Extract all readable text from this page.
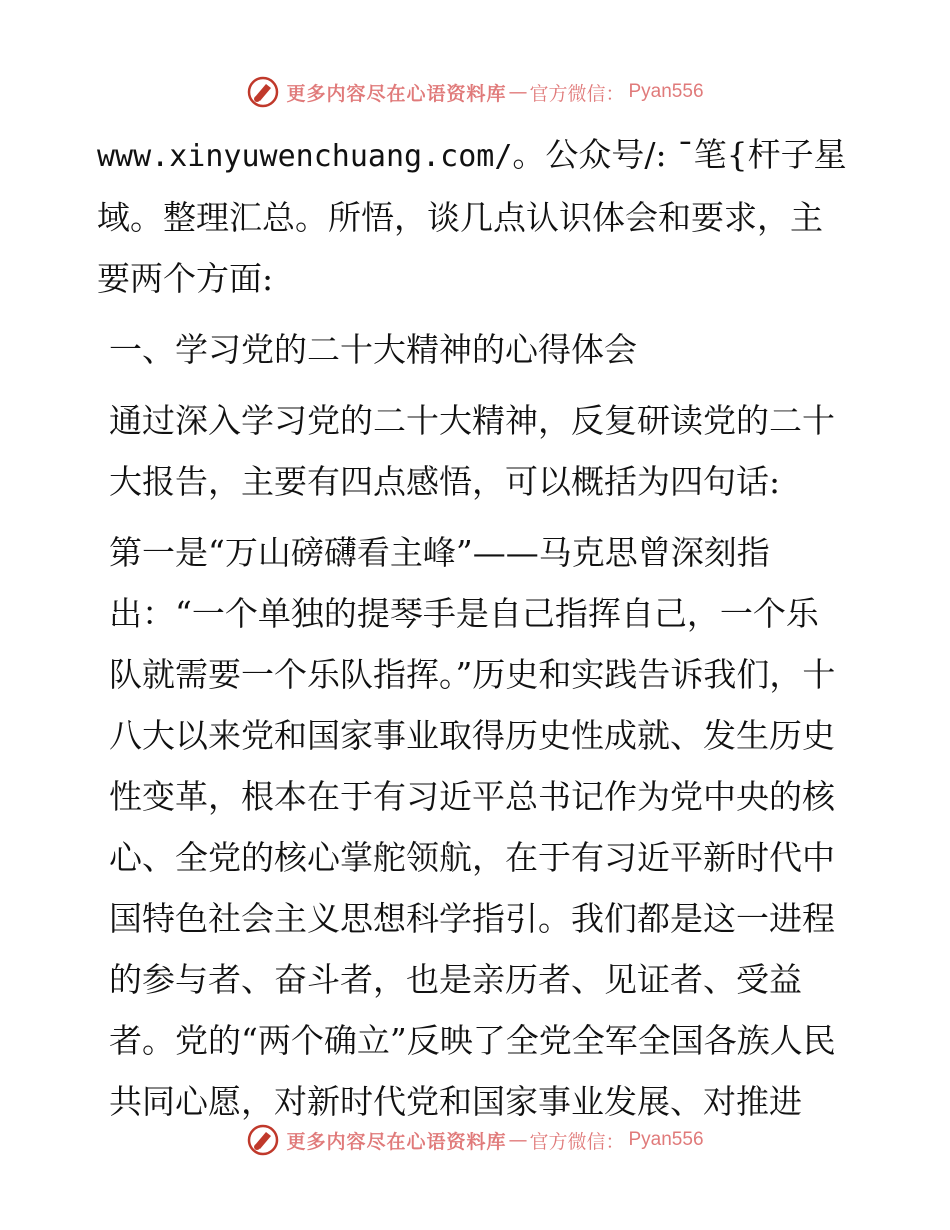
更多内容尽在心语资料库 — 官方微信： Pyan556

www.xinyuwenchuang.com/。公众号/: ¯笔{杆子星域。整理汇总。所悟，谈几点认识体会和要求，主要两个方面:

一、学习党的二十大精神的心得体会

通过深入学习党的二十大精神，反复研读党的二十大报告，主要有四点感悟，可以概括为四句话:

第一是“万山磅礴看主峰”——马克思曾深刻指出：“一个单独的提琴手是自己指挥自己，一个乐队就需要一个乐队指挥。”历史和实践告诉我们，十八大以来党和国家事业取得历史性成就、发生历史性变革，根本在于有习近平总书记作为党中央的核心、全党的核心掌舵领航，在于有习近平新时代中国特色社会主义思想科学指引。我们都是这一进程的参与者、奋斗者，也是亲历者、见证者、受益者。党的“两个确立”反映了全党全军全国各族人民共同心愿，对新时代党和国家事业发展、对推进

更多内容尽在心语资料库 — 官方微信： Pyan556
